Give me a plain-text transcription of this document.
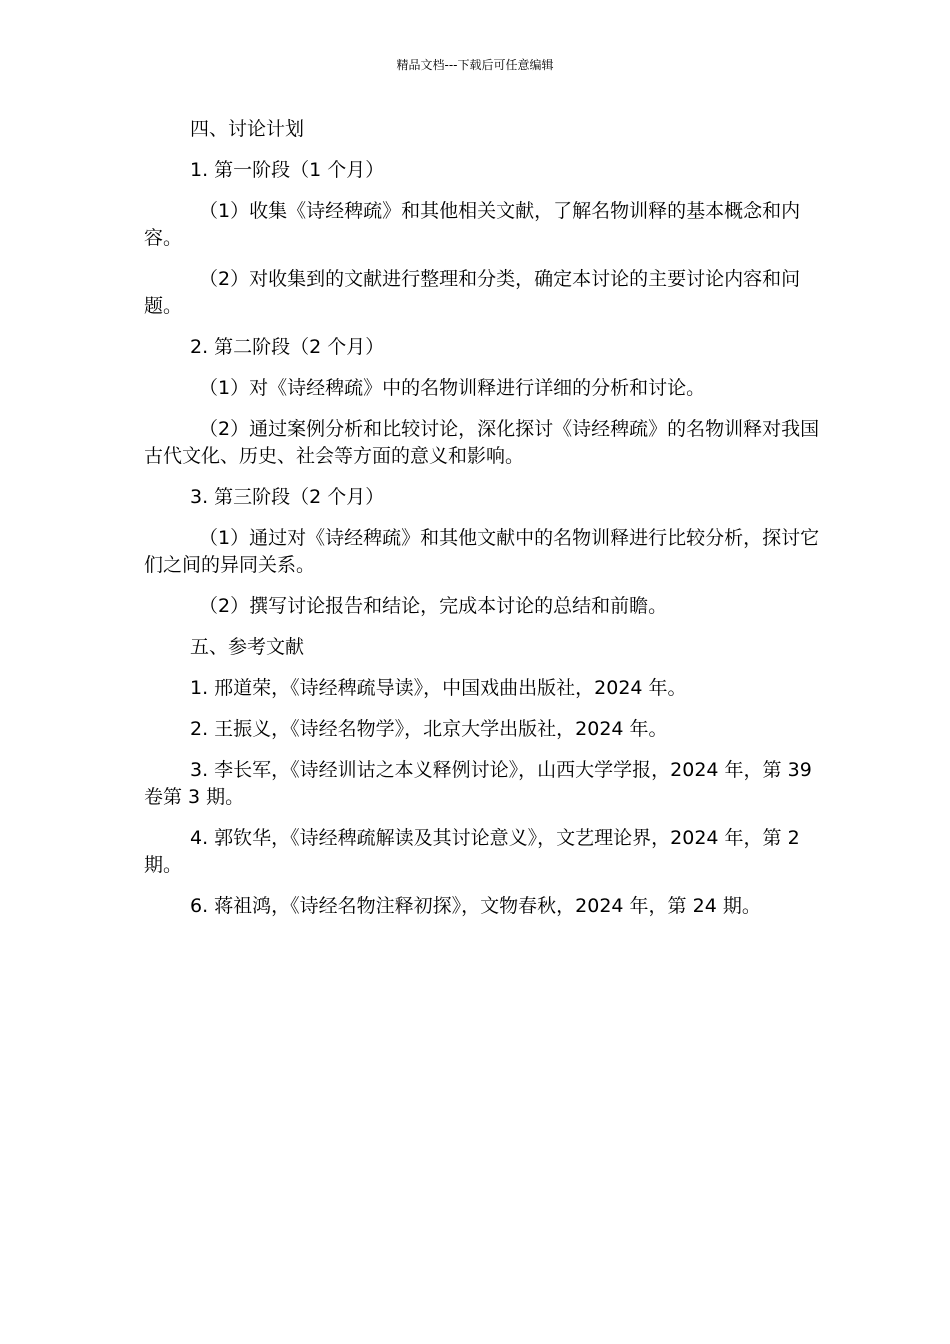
精品文档---下载后可任意编辑
四、讨论计划
1. 第一阶段（1 个月）
（1）收集《诗经稗疏》和其他相关文献，了解名物训释的基本概念和内容。
（2）对收集到的文献进行整理和分类，确定本讨论的主要讨论内容和问题。
2. 第二阶段（2 个月）
（1）对《诗经稗疏》中的名物训释进行详细的分析和讨论。
（2）通过案例分析和比较讨论，深化探讨《诗经稗疏》的名物训释对我国古代文化、历史、社会等方面的意义和影响。
3. 第三阶段（2 个月）
（1）通过对《诗经稗疏》和其他文献中的名物训释进行比较分析，探讨它们之间的异同关系。
（2）撰写讨论报告和结论，完成本讨论的总结和前瞻。
五、参考文献
1. 邢道荣，《诗经稗疏导读》，中国戏曲出版社，2024 年。
2. 王振义，《诗经名物学》，北京大学出版社，2024 年。
3. 李长军，《诗经训诂之本义释例讨论》，山西大学学报，2024 年，第 39 卷第 3 期。
4. 郭钦华，《诗经稗疏解读及其讨论意义》，文艺理论界，2024 年，第 2 期。
6. 蒋祖鸿，《诗经名物注释初探》，文物春秋，2024 年，第 24 期。
